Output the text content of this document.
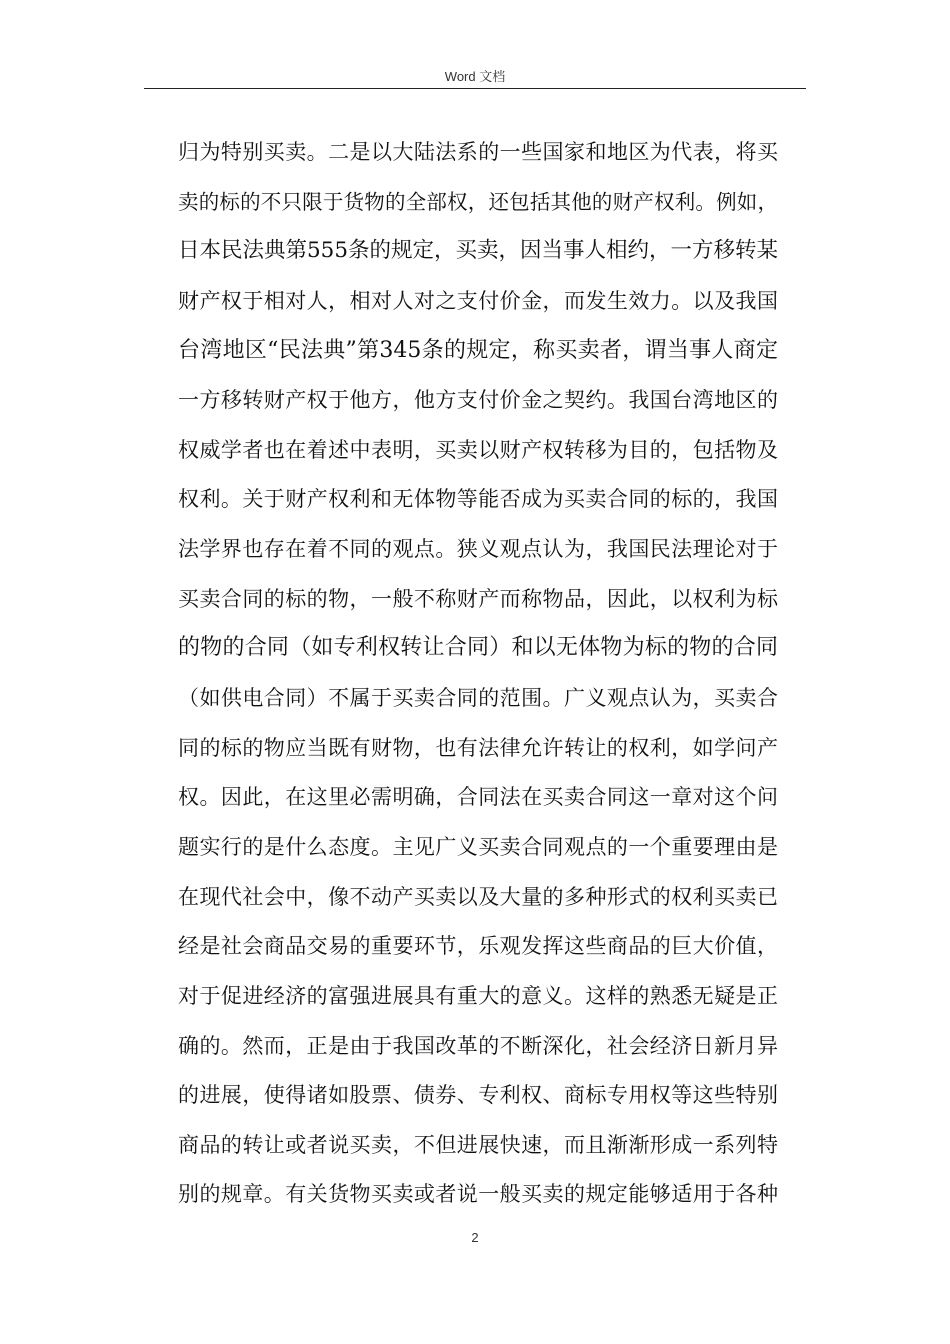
Word 文档
归为特别买卖。二是以大陆法系的一些国家和地区为代表，将买
卖的标的不只限于货物的全部权，还包括其他的财产权利。例如，
日本民法典第555条的规定，买卖，因当事人相约，一方移转某
财产权于相对人，相对人对之支付价金，而发生效力。以及我国
台湾地区“民法典”第345条的规定，称买卖者，谓当事人商定
一方移转财产权于他方，他方支付价金之契约。我国台湾地区的
权威学者也在着述中表明，买卖以财产权转移为目的，包括物及
权利。关于财产权利和无体物等能否成为买卖合同的标的，我国
法学界也存在着不同的观点。狭义观点认为，我国民法理论对于
买卖合同的标的物，一般不称财产而称物品，因此，以权利为标
的物的合同（如专利权转让合同）和以无体物为标的物的合同
（如供电合同）不属于买卖合同的范围。广义观点认为，买卖合
同的标的物应当既有财物，也有法律允许转让的权利，如学问产
权。因此，在这里必需明确，合同法在买卖合同这一章对这个问
题实行的是什么态度。主见广义买卖合同观点的一个重要理由是
在现代社会中，像不动产买卖以及大量的多种形式的权利买卖已
经是社会商品交易的重要环节，乐观发挥这些商品的巨大价值，
对于促进经济的富强进展具有重大的意义。这样的熟悉无疑是正
确的。然而，正是由于我国改革的不断深化，社会经济日新月异
的进展，使得诸如股票、债券、专利权、商标专用权等这些特别
商品的转让或者说买卖，不但进展快速，而且渐渐形成一系列特
别的规章。有关货物买卖或者说一般买卖的规定能够适用于各种
2
